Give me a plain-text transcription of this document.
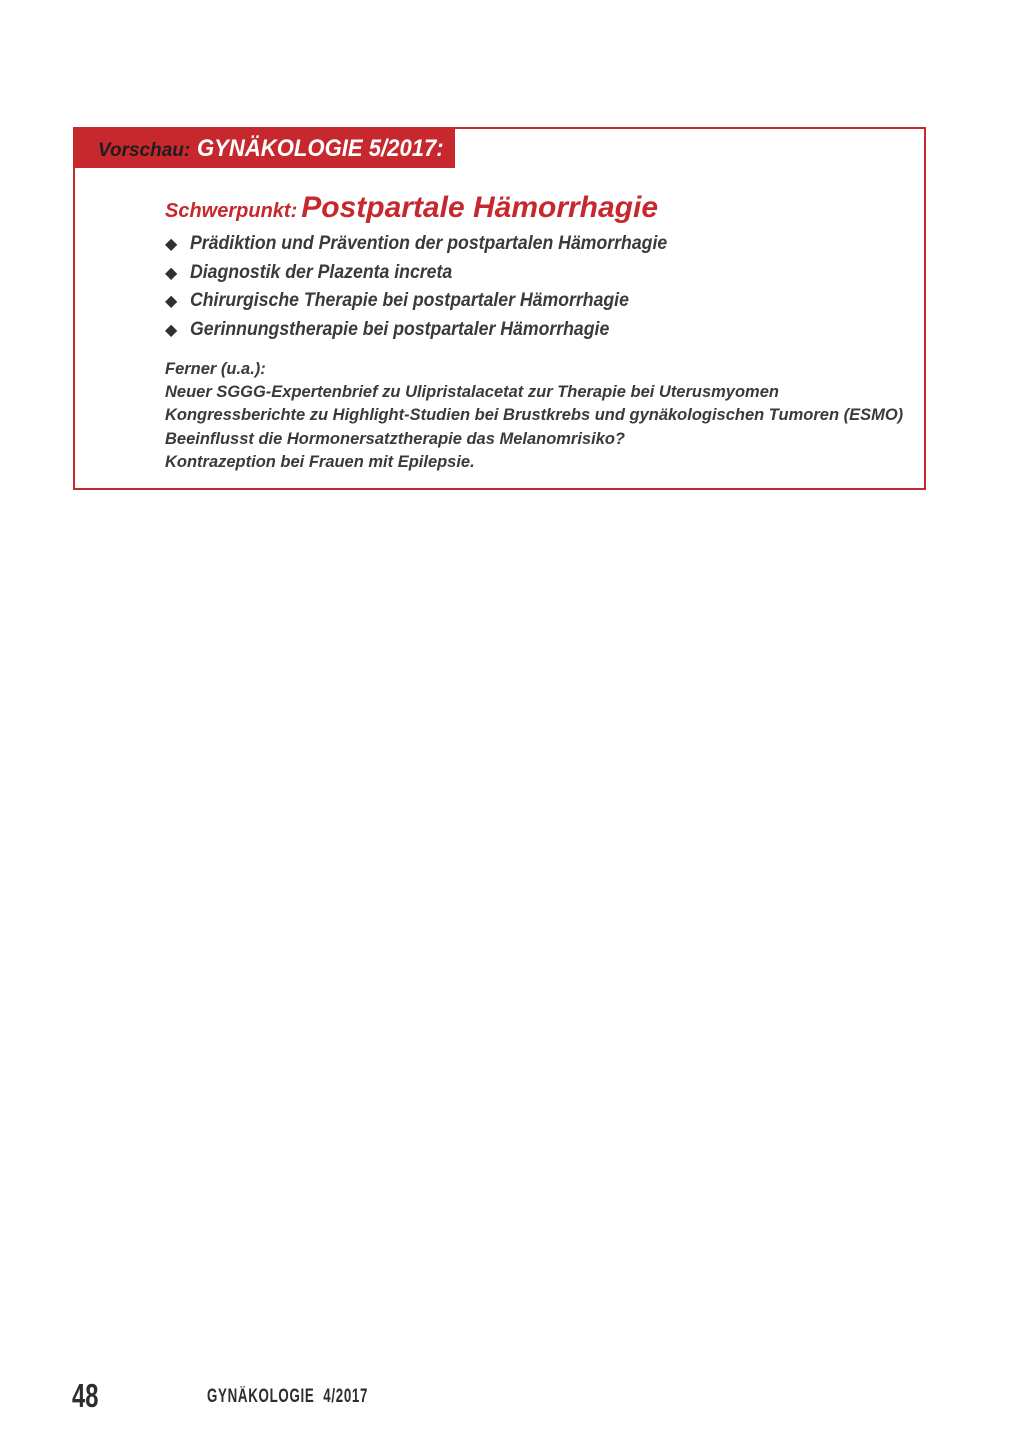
Vorschau: GYNÄKOLOGIE 5/2017:
Schwerpunkt: Postpartale Hämorrhagie
◆ Prädiktion und Prävention der postpartalen Hämorrhagie
◆ Diagnostik der Plazenta increta
◆ Chirurgische Therapie bei postpartaler Hämorrhagie
◆ Gerinnungstherapie bei postpartaler Hämorrhagie
Ferner (u.a.):
Neuer SGGG-Expertenbrief zu Ulipristalacetat zur Therapie bei Uterusmyomen
Kongressberichte zu Highlight-Studien bei Brustkrebs und gynäkologischen Tumoren (ESMO)
Beeinflusst die Hormonersatztherapie das Melanomrisiko?
Kontrazeption bei Frauen mit Epilepsie.
48	GYNÄKOLOGIE  4/2017
